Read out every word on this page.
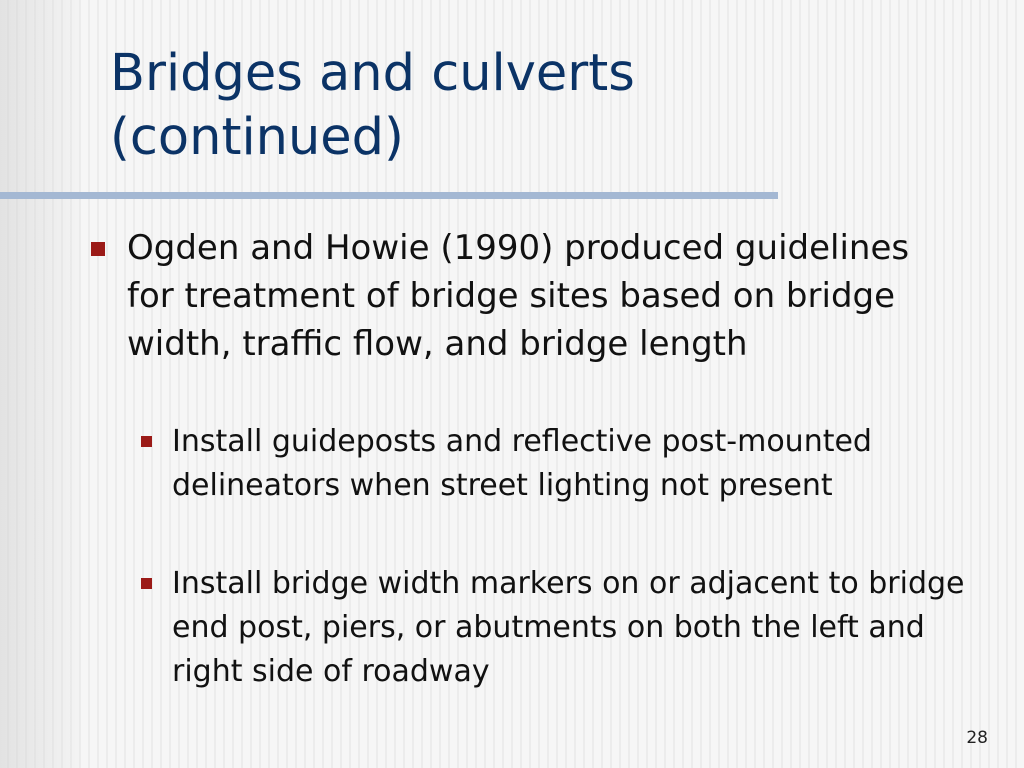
Bridges and culverts (continued)
Ogden and Howie (1990) produced guidelines for treatment of bridge sites based on bridge width, traffic flow, and bridge length
Install guideposts and reflective post-mounted delineators when street lighting not present
Install bridge width markers on or adjacent to bridge end post, piers, or abutments on both the left and right side of roadway
28
